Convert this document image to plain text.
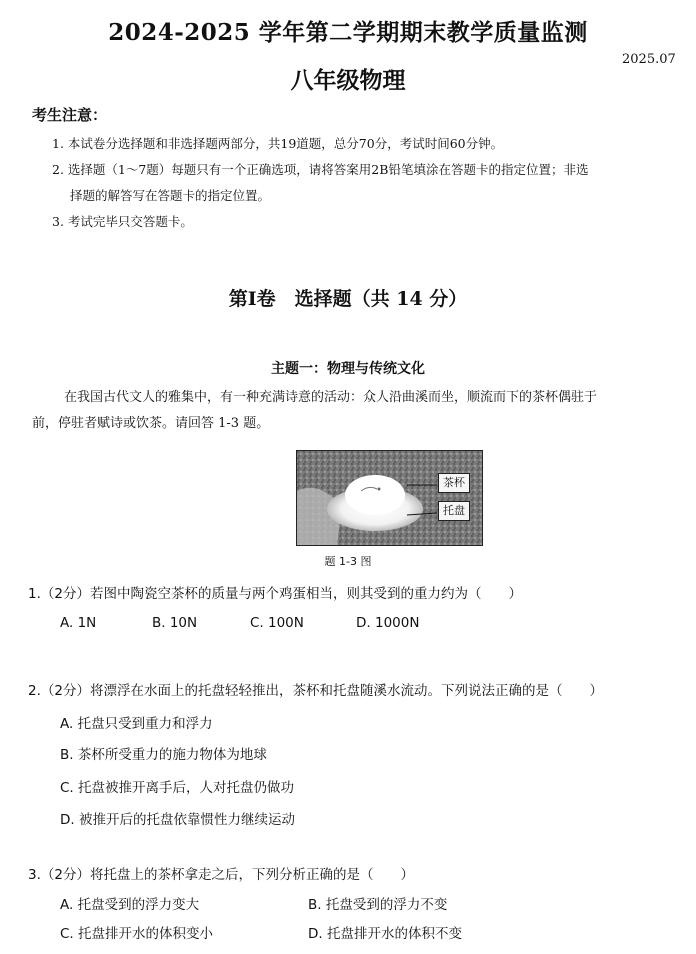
2024-2025 学年第二学期期末教学质量监测
2025.07
八年级物理
考生注意：
1. 本试卷分选择题和非选择题两部分，共19道题，总分70分，考试时间60分钟。
2. 选择题（1～7题）每题只有一个正确选项，请将答案用2B铅笔填涂在答题卡的指定位置；非选
择题的解答写在答题卡的指定位置。
3. 考试完毕只交答题卡。
第Ⅰ卷　选择题（共 14 分）
主题一：物理与传统文化
在我国古代文人的雅集中，有一种充满诗意的活动：众人沿曲溪而坐，顺流而下的茶杯偶驻于
前，停驻者赋诗或饮茶。请回答 1-3 题。
茶杯
托盘
题 1-3 图
1.（2分）若图中陶瓷空茶杯的质量与两个鸡蛋相当，则其受到的重力约为（　　）
A. 1N	B. 10N	C. 100N	D. 1000N
2.（2分）将漂浮在水面上的托盘轻轻推出，茶杯和托盘随溪水流动。下列说法正确的是（　　）
A. 托盘只受到重力和浮力
B. 茶杯所受重力的施力物体为地球
C. 托盘被推开离手后，人对托盘仍做功
D. 被推开后的托盘依靠惯性力继续运动
3.（2分）将托盘上的茶杯拿走之后，下列分析正确的是（　　）
A. 托盘受到的浮力变大	B. 托盘受到的浮力不变
C. 托盘排开水的体积变小	D. 托盘排开水的体积不变
